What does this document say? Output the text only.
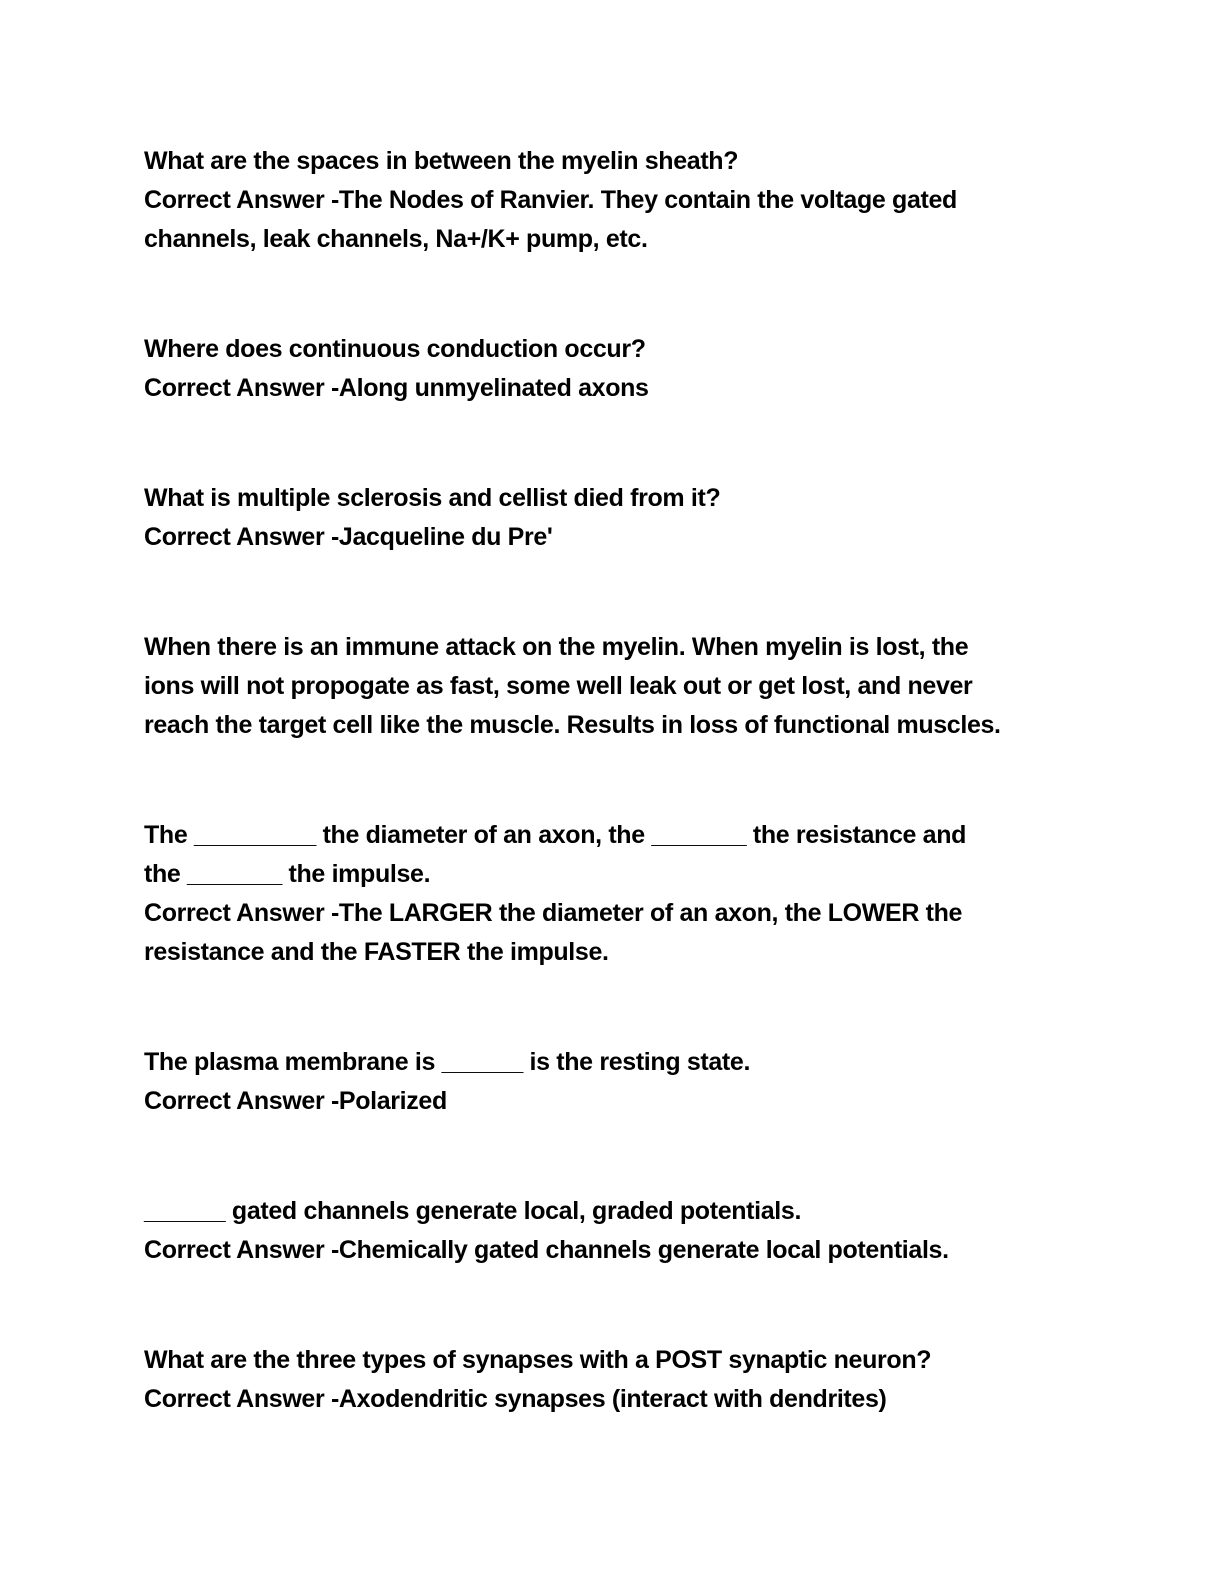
What are the spaces in between the myelin sheath?
Correct Answer -The Nodes of Ranvier. They contain the voltage gated
channels, leak channels, Na+/K+ pump, etc.
Where does continuous conduction occur?
Correct Answer -Along unmyelinated axons
What is multiple sclerosis and cellist died from it?
Correct Answer -Jacqueline du Pre'
When there is an immune attack on the myelin. When myelin is lost, the
ions will not propogate as fast, some well leak out or get lost, and never
reach the target cell like the muscle. Results in loss of functional muscles.
The _________ the diameter of an axon, the _______ the resistance and
the _______ the impulse.
Correct Answer -The LARGER the diameter of an axon, the LOWER the
resistance and the FASTER the impulse.
The plasma membrane is ______ is the resting state.
Correct Answer -Polarized
______ gated channels generate local, graded potentials.
Correct Answer -Chemically gated channels generate local potentials.
What are the three types of synapses with a POST synaptic neuron?
Correct Answer -Axodendritic synapses (interact with dendrites)
